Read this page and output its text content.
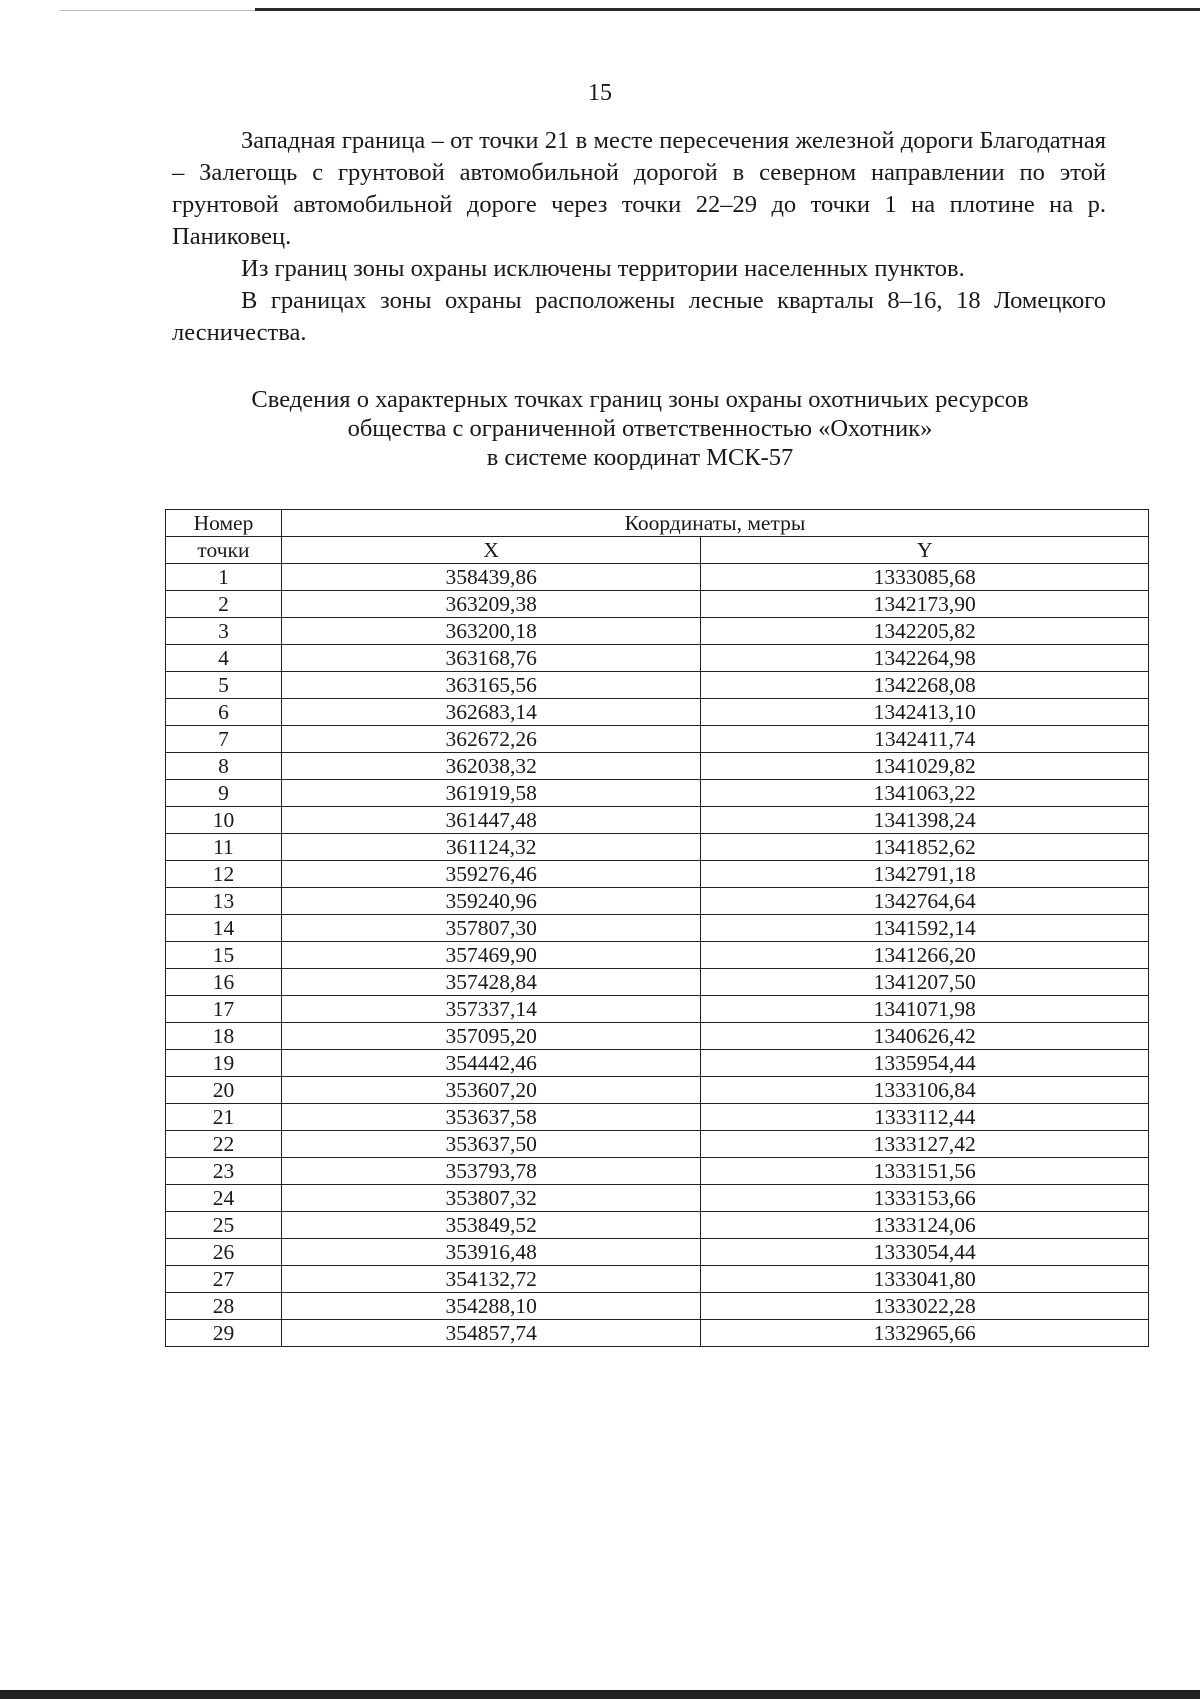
15

Западная граница – от точки 21 в месте пересечения железной дороги Благодатная – Залегощь с грунтовой автомобильной дорогой в северном направлении по этой грунтовой автомобильной дороге через точки 22–29 до точки 1 на плотине на р. Паниковец.

Из границ зоны охраны исключены территории населенных пунктов.

В границах зоны охраны расположены лесные кварталы 8–16, 18 Ломецкого лесничества.

Сведения о характерных точках границ зоны охраны охотничьих ресурсов
общества с ограниченной ответственностью «Охотник»
в системе координат МСК-57
Номер	Координаты, метры	
точки	X	Y
1	358439,86	1333085,68
2	363209,38	1342173,90
3	363200,18	1342205,82
4	363168,76	1342264,98
5	363165,56	1342268,08
6	362683,14	1342413,10
7	362672,26	1342411,74
8	362038,32	1341029,82
9	361919,58	1341063,22
10	361447,48	1341398,24
11	361124,32	1341852,62
12	359276,46	1342791,18
13	359240,96	1342764,64
14	357807,30	1341592,14
15	357469,90	1341266,20
16	357428,84	1341207,50
17	357337,14	1341071,98
18	357095,20	1340626,42
19	354442,46	1335954,44
20	353607,20	1333106,84
21	353637,58	1333112,44
22	353637,50	1333127,42
23	353793,78	1333151,56
24	353807,32	1333153,66
25	353849,52	1333124,06
26	353916,48	1333054,44
27	354132,72	1333041,80
28	354288,10	1333022,28
29	354857,74	1332965,66
